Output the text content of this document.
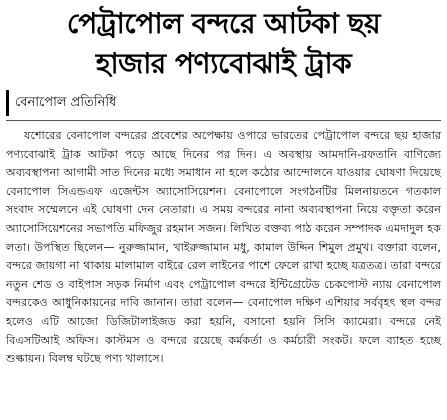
পেট্রাপোল বন্দরে আটকা ছয়
হাজার পণ্যবোঝাই ট্রাক
বেনাপোল প্রতিনিধি

যশোরের বেনাপোল বন্দরের প্রবেশের অপেক্ষায় ওপারে ভারতের পেট্রাপোল বন্দরে ছয় হাজার পণ্যবোঝাই ট্রাক আটকা পড়ে আছে দিনের পর দিন। এ অবস্থায় আমদানি-রফতানি বাণিজ্যে অব্যবস্থাপনা আগামী সাত দিনের মধ্যে সমাধান না হলে কঠোর আন্দোলনে যাওয়ার ঘোষণা দিয়েছে বেনাপোল সিএন্ডএফ এজেন্টস অ্যাসোসিয়েশন। বেনাপোলে সংগঠনটির মিলনায়তনে গতকাল সংবাদ সম্মেলনে এই ঘোষণা দেন নেতারা। এ সময় বন্দরের নানা অব্যবস্থাপনা নিয়ে বক্তৃতা করেন অ্যাসোসিয়েশনের সভাপতি মফিজুর রহমান সজন। লিখিত বক্তব্য পাঠ করেন সম্পাদক এমদাদুল হক লতা। উপস্থিত ছিলেন— নুরুজ্জামান, খাইরুজ্জামান মধু, কামাল উদ্দিন শিমুল প্রমুখ। বক্তারা বলেন, বন্দরে জায়গা না থাকায় মালামাল বাইরে রেল লাইনের পাশে ফেলে রাখা হচ্ছে যত্রতত্র। তারা বন্দরে নতুন শেড ও বাইপাস সড়ক নির্মাণ এবং পেট্রাপোল বন্দরে ইন্টিগ্রেটেড চেকপোস্ট ন্যায় বেনাপোল বন্দরকেও আধুনিকায়নের দাবি জানান। তারা বলেন— বেনাপোল দক্ষিণ এশিয়ার সর্ববৃহৎ স্থল বন্দর হলেও এটি আজো ডিজিটালাইজড করা হয়নি, বসানো হয়নি সিসি ক্যামেরা। বন্দরে নেই বিএসটিআই অফিস। কাস্টমস ও বন্দরে রয়েছে কর্মকর্তা ও কর্মচারী সংকট। ফলে ব্যাহত হচ্ছে শুল্কায়ন। বিলম্ব ঘটছে পণ্য খালাসে।
